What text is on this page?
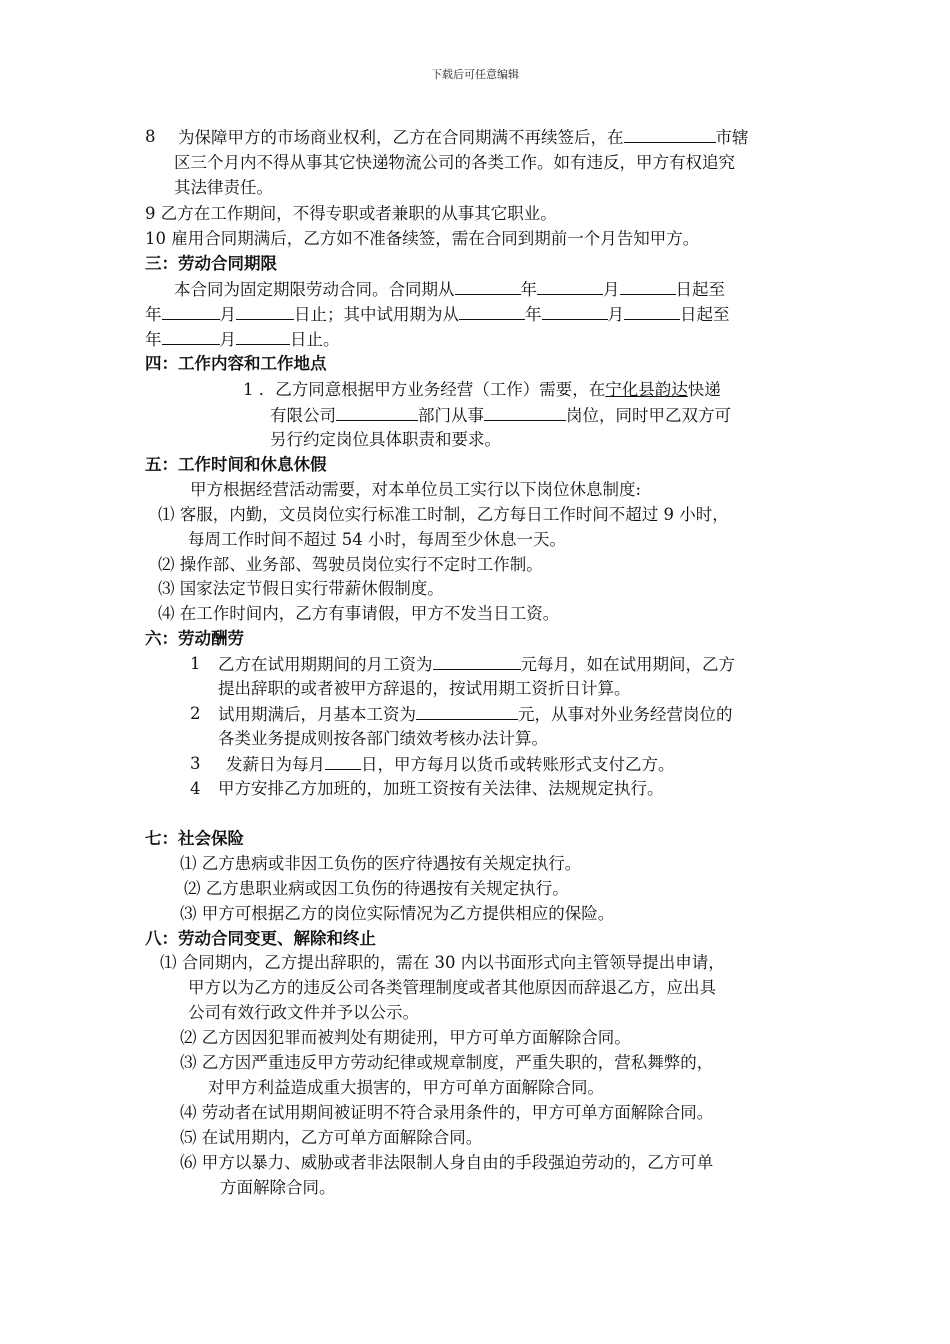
下载后可任意编辑
8 为保障甲方的市场商业权利，乙方在合同期满不再续签后，在	市辖
区三个月内不得从事其它快递物流公司的各类工作。如有违反，甲方有权追究
其法律责任。
9 乙方在工作期间，不得专职或者兼职的从事其它职业。
10 雇用合同期满后，乙方如不准备续签，需在合同到期前一个月告知甲方。
三：劳动合同期限
本合同为固定期限劳动合同。合同期从	年	月	日起至
年	月	日止；其中试用期为从	年	月	日起至
年	月	日止。
四：工作内容和工作地点
1 ．乙方同意根据甲方业务经营（工作）需要，在宁化县韵达快递
有限公司	部门从事	岗位，同时甲乙双方可
另行约定岗位具体职责和要求。
五：工作时间和休息休假
甲方根据经营活动需要，对本单位员工实行以下岗位休息制度:
⑴ 客服，内勤，文员岗位实行标准工时制，乙方每日工作时间不超过 9 小时，
每周工作时间不超过 54 小时，每周至少休息一天。
⑵ 操作部、业务部、驾驶员岗位实行不定时工作制。
⑶ 国家法定节假日实行带薪休假制度。
⑷ 在工作时间内，乙方有事请假，甲方不发当日工资。
六：劳动酬劳
1 乙方在试用期期间的月工资为	元每月，如在试用期间，乙方
提出辞职的或者被甲方辞退的，按试用期工资折日计算。
2 试用期满后，月基本工资为	元，从事对外业务经营岗位的
各类业务提成则按各部门绩效考核办法计算。
3 发薪日为每月 日，甲方每月以货币或转账形式支付乙方。
4 甲方安排乙方加班的，加班工资按有关法律、法规规定执行。
七：社会保险
⑴ 乙方患病或非因工负伤的医疗待遇按有关规定执行。
⑵ 乙方患职业病或因工负伤的待遇按有关规定执行。
⑶ 甲方可根据乙方的岗位实际情况为乙方提供相应的保险。
八：劳动合同变更、解除和终止
⑴ 合同期内，乙方提出辞职的，需在 30 内以书面形式向主管领导提出申请，
甲方以为乙方的违反公司各类管理制度或者其他原因而辞退乙方，应出具
公司有效行政文件并予以公示。
⑵ 乙方因因犯罪而被判处有期徒刑，甲方可单方面解除合同。
⑶ 乙方因严重违反甲方劳动纪律或规章制度，严重失职的，营私舞弊的，
对甲方利益造成重大损害的，甲方可单方面解除合同。
⑷ 劳动者在试用期间被证明不符合录用条件的，甲方可单方面解除合同。
⑸ 在试用期内，乙方可单方面解除合同。
⑹ 甲方以暴力、威胁或者非法限制人身自由的手段强迫劳动的，乙方可单
方面解除合同。
